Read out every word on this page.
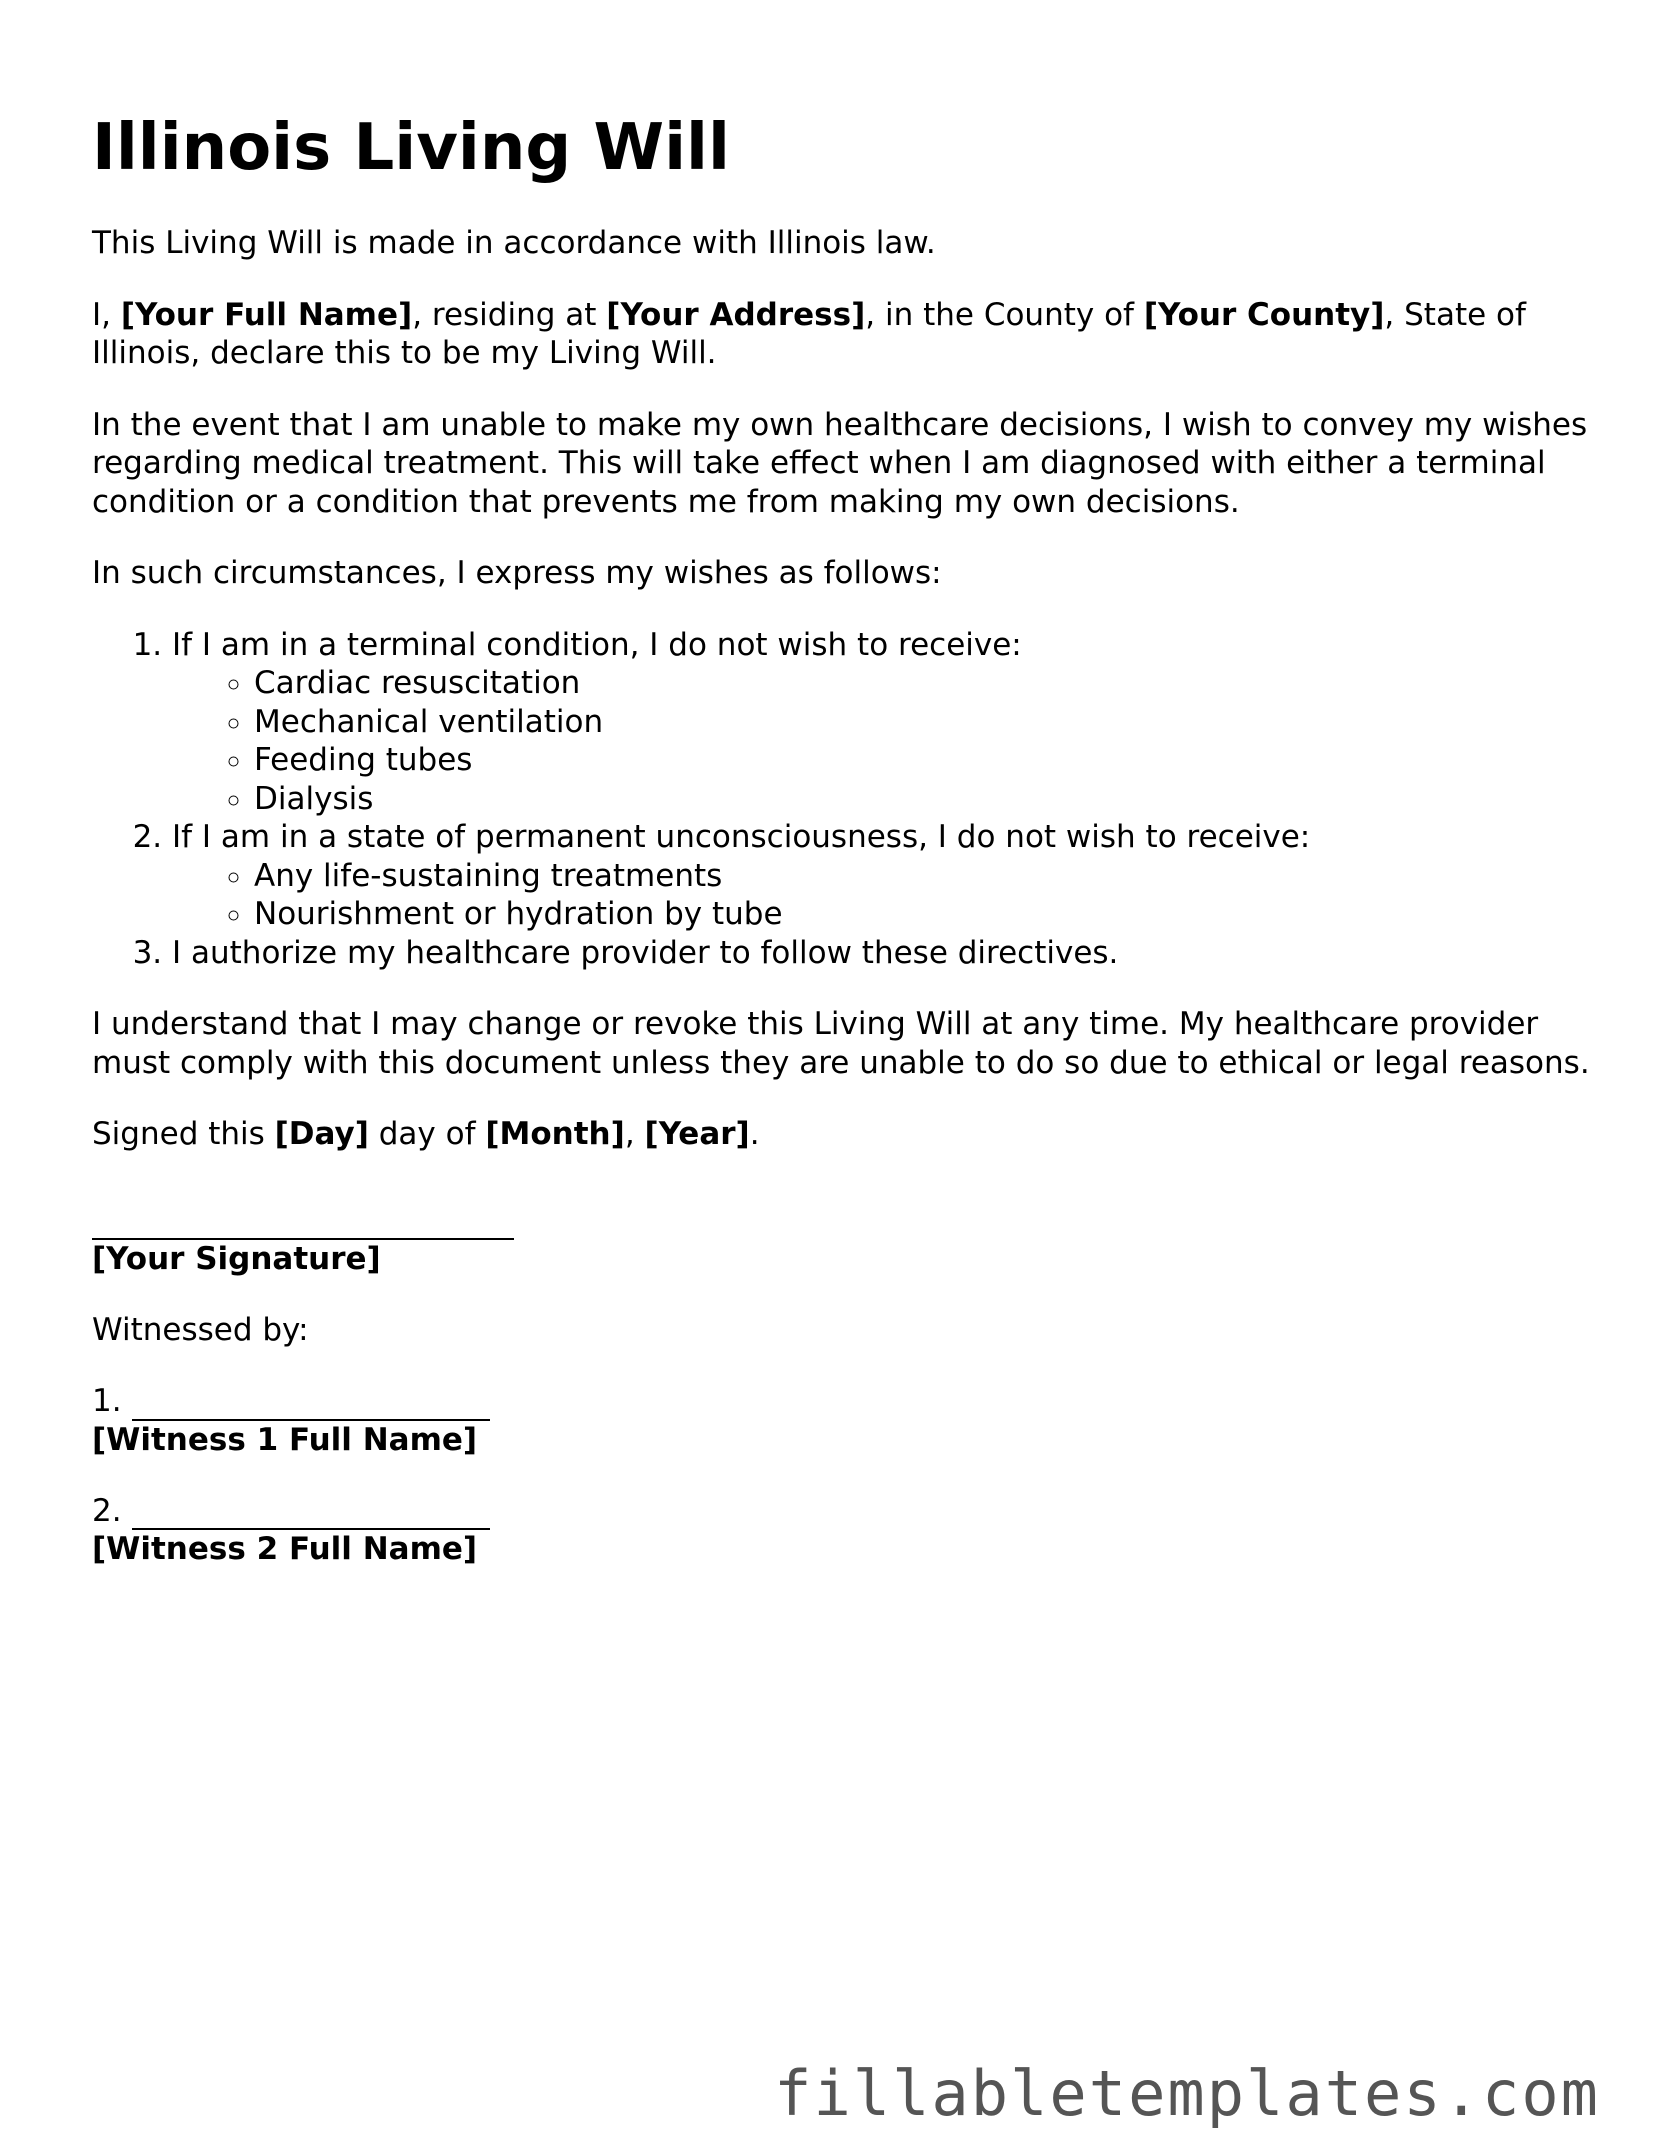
Illinois Living Will

This Living Will is made in accordance with Illinois law.

I, [Your Full Name], residing at [Your Address], in the County of [Your County], State of Illinois, declare this to be my Living Will.

In the event that I am unable to make my own healthcare decisions, I wish to convey my wishes regarding medical treatment. This will take effect when I am diagnosed with either a terminal condition or a condition that prevents me from making my own decisions.

In such circumstances, I express my wishes as follows:

1. If I am in a terminal condition, I do not wish to receive:
◦ Cardiac resuscitation
◦ Mechanical ventilation
◦ Feeding tubes
◦ Dialysis
2. If I am in a state of permanent unconsciousness, I do not wish to receive:
◦ Any life-sustaining treatments
◦ Nourishment or hydration by tube
3. I authorize my healthcare provider to follow these directives.

I understand that I may change or revoke this Living Will at any time. My healthcare provider must comply with this document unless they are unable to do so due to ethical or legal reasons.

Signed this [Day] day of [Month], [Year].

[Your Signature]

Witnessed by:

1.
[Witness 1 Full Name]
2.
[Witness 2 Full Name]
fillabletemplates.com
